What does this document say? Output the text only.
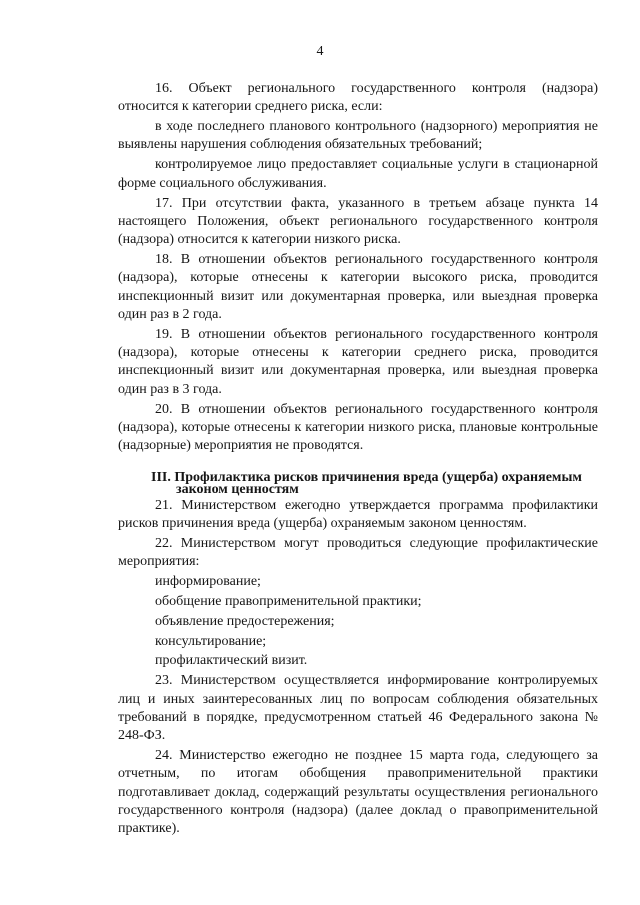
4

16. Объект регионального государственного контроля (надзора) относится к категории среднего риска, если:

в ходе последнего планового контрольного (надзорного) мероприятия не выявлены нарушения соблюдения обязательных требований;

контролируемое лицо предоставляет социальные услуги в стационарной форме социального обслуживания.

17. При отсутствии факта, указанного в третьем абзаце пункта 14 настоящего Положения, объект регионального государственного контроля (надзора) относится к категории низкого риска.

18. В отношении объектов регионального государственного контроля (надзора), которые отнесены к категории высокого риска, проводится инспекционный визит или документарная проверка, или выездная проверка один раз в 2 года.

19. В отношении объектов регионального государственного контроля (надзора), которые отнесены к категории среднего риска, проводится инспекционный визит или документарная проверка, или выездная проверка один раз в 3 года.

20. В отношении объектов регионального государственного контроля (надзора), которые отнесены к категории низкого риска, плановые контрольные (надзорные) мероприятия не проводятся.

III. Профилактика рисков причинения вреда (ущерба) охраняемым
законом ценностям

21. Министерством ежегодно утверждается программа профилактики рисков причинения вреда (ущерба) охраняемым законом ценностям.

22. Министерством могут проводиться следующие профилактические мероприятия:

информирование;

обобщение правоприменительной практики;

объявление предостережения;

консультирование;

профилактический визит.

23. Министерством осуществляется информирование контролируемых лиц и иных заинтересованных лиц по вопросам соблюдения обязательных требований в порядке, предусмотренном статьей 46 Федерального закона № 248-ФЗ.

24. Министерство ежегодно не позднее 15 марта года, следующего за отчетным, по итогам обобщения правоприменительной практики подготавливает доклад, содержащий результаты осуществления регионального государственного контроля (надзора) (далее доклад о правоприменительной практике).
